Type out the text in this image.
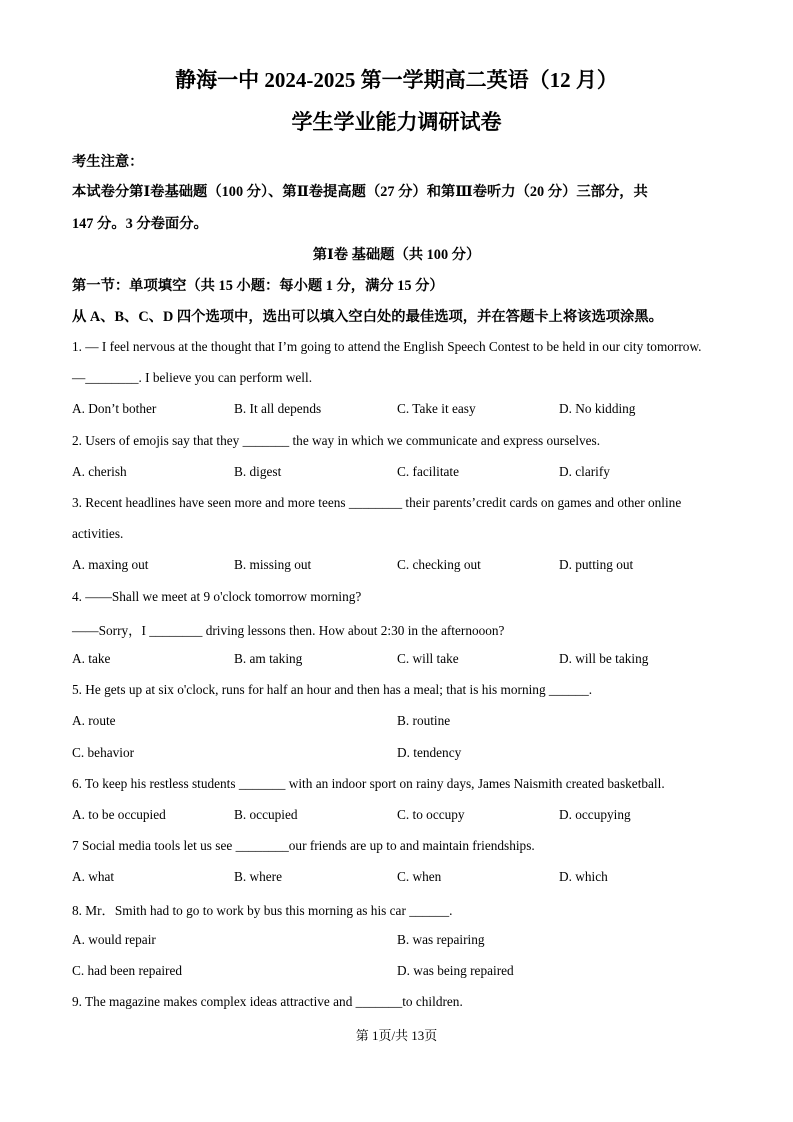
静海一中 2024-2025 第一学期高二英语（12 月）
学生学业能力调研试卷
考生注意：
本试卷分第Ⅰ卷基础题（100 分）、第Ⅱ卷提高题（27 分）和第Ⅲ卷听力（20 分）三部分，共
147 分。3 分卷面分。
第Ⅰ卷 基础题（共 100 分）
第一节：单项填空（共 15 小题：每小题 1 分，满分 15 分）
从 A、B、C、D 四个选项中，选出可以填入空白处的最佳选项，并在答题卡上将该选项涂黑。
1. — I feel nervous at the thought that I’m going to attend the English Speech Contest to be held in our city tomorrow.
—________. I believe you can perform well.
A. Don’t bother	B. It all depends	C. Take it easy	D. No kidding
2. Users of emojis say that they _______ the way in which we communicate and express ourselves.
A. cherish	B. digest	C. facilitate	D. clarify
3. Recent headlines have seen more and more teens ________ their parents’credit cards on games and other online
activities.
A. maxing out	B. missing out	C. checking out	D. putting out
4. ——Shall we meet at 9 o'clock tomorrow morning?
——Sorry，I ________ driving lessons then. How about 2:30 in the afternooon?
A. take	B. am taking	C. will take	D. will be taking
5. He gets up at six o'clock, runs for half an hour and then has a meal; that is his morning ______.
A. route	B. routine
C. behavior	D. tendency
6. To keep his restless students _______ with an indoor sport on rainy days, James Naismith created basketball.
A. to be occupied	B. occupied	C. to occupy	D. occupying
7 Social media tools let us see ________our friends are up to and maintain friendships.
A. what	B. where	C. when	D. which
8. Mr．Smith had to go to work by bus this morning as his car ______.
A. would repair	B. was repairing
C. had been repaired	D. was being repaired
9. The magazine makes complex ideas attractive and _______to children.
第 1页/共 13页
